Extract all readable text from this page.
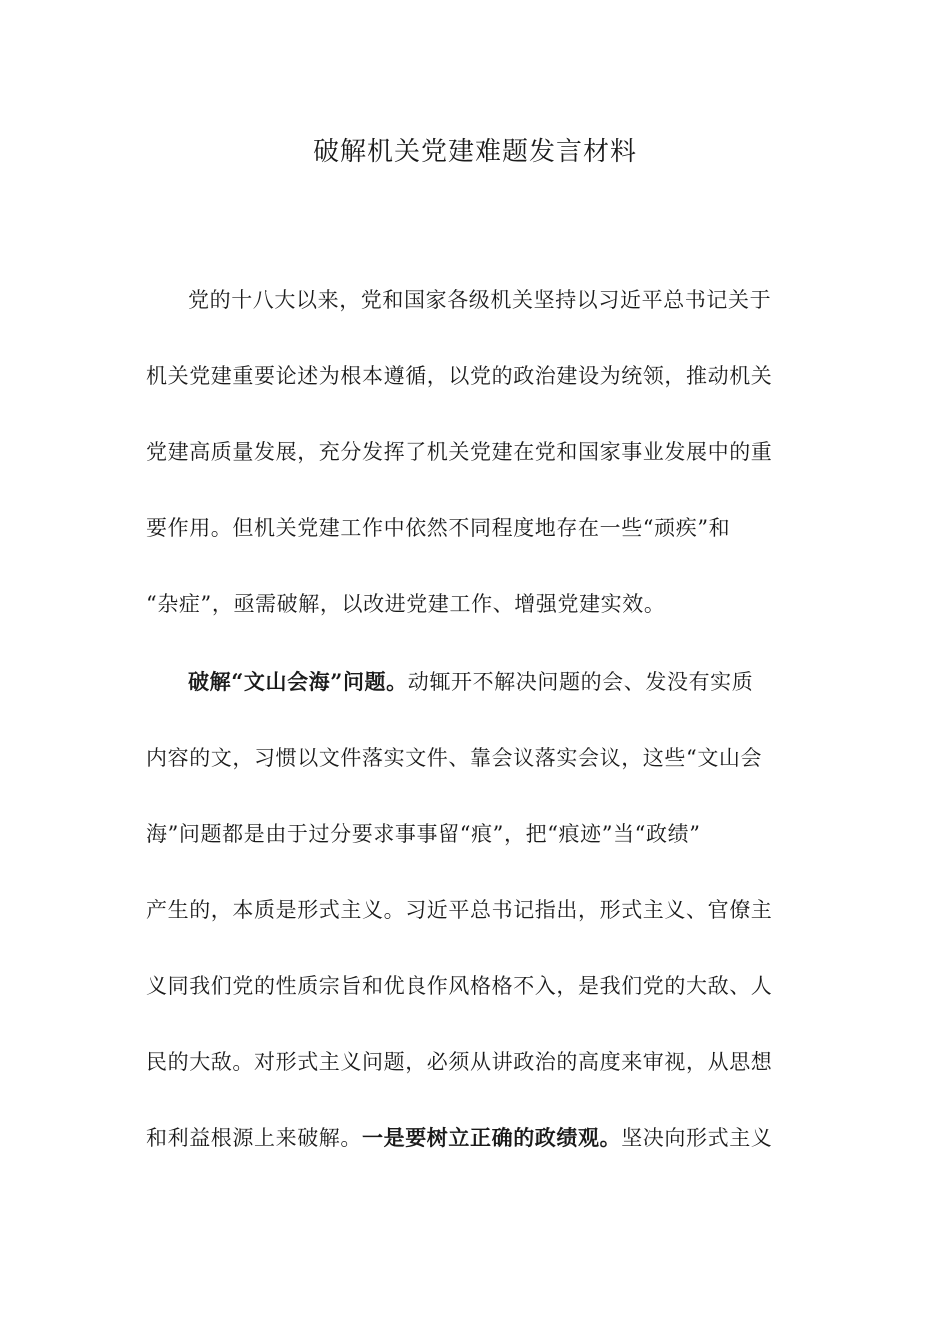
破解机关党建难题发言材料
党的十八大以来，党和国家各级机关坚持以习近平总书记关于
机关党建重要论述为根本遵循，以党的政治建设为统领，推动机关
党建高质量发展，充分发挥了机关党建在党和国家事业发展中的重
要作用。但机关党建工作中依然不同程度地存在一些“顽疾”和
“杂症”，亟需破解，以改进党建工作、增强党建实效。
破解“文山会海”问题。动辄开不解决问题的会、发没有实质
内容的文，习惯以文件落实文件、靠会议落实会议，这些“文山会
海”问题都是由于过分要求事事留“痕”，把“痕迹”当“政绩”
产生的，本质是形式主义。习近平总书记指出，形式主义、官僚主
义同我们党的性质宗旨和优良作风格格不入，是我们党的大敌、人
民的大敌。对形式主义问题，必须从讲政治的高度来审视，从思想
和利益根源上来破解。一是要树立正确的政绩观。坚决向形式主义
